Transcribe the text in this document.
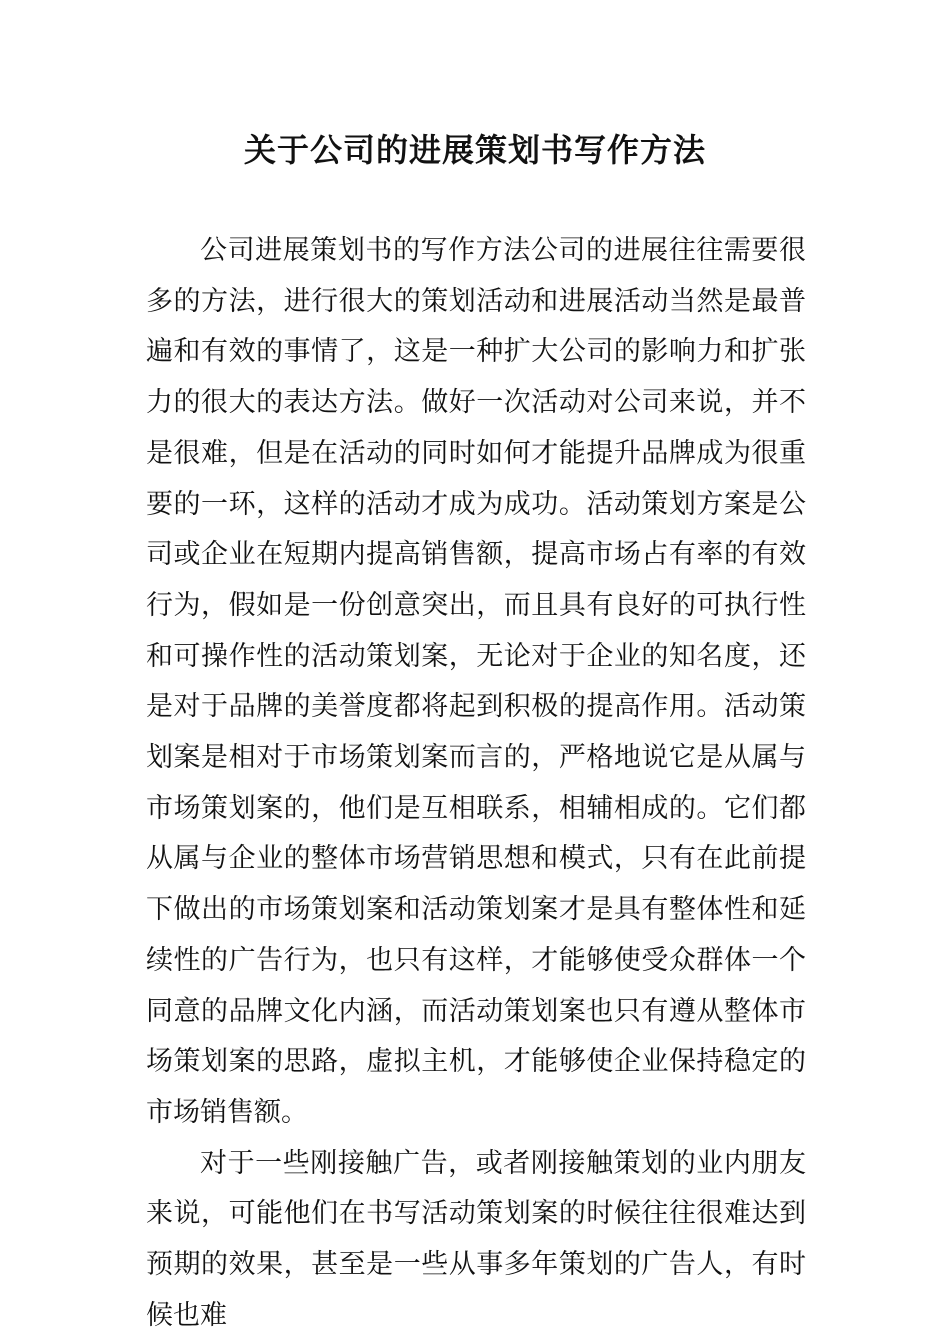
关于公司的进展策划书写作方法

公司进展策划书的写作方法公司的进展往往需要很多的方法，进行很大的策划活动和进展活动当然是最普遍和有效的事情了，这是一种扩大公司的影响力和扩张力的很大的表达方法。做好一次活动对公司来说，并不是很难，但是在活动的同时如何才能提升品牌成为很重要的一环，这样的活动才成为成功。活动策划方案是公司或企业在短期内提高销售额，提高市场占有率的有效行为，假如是一份创意突出，而且具有良好的可执行性和可操作性的活动策划案，无论对于企业的知名度，还是对于品牌的美誉度都将起到积极的提高作用。活动策划案是相对于市场策划案而言的，严格地说它是从属与市场策划案的，他们是互相联系，相辅相成的。它们都从属与企业的整体市场营销思想和模式，只有在此前提下做出的市场策划案和活动策划案才是具有整体性和延续性的广告行为，也只有这样，才能够使受众群体一个同意的品牌文化内涵，而活动策划案也只有遵从整体市场策划案的思路，虚拟主机，才能够使企业保持稳定的市场销售额。

对于一些刚接触广告，或者刚接触策划的业内朋友来说，可能他们在书写活动策划案的时候往往很难达到预期的效果，甚至是一些从事多年策划的广告人，有时候也难
